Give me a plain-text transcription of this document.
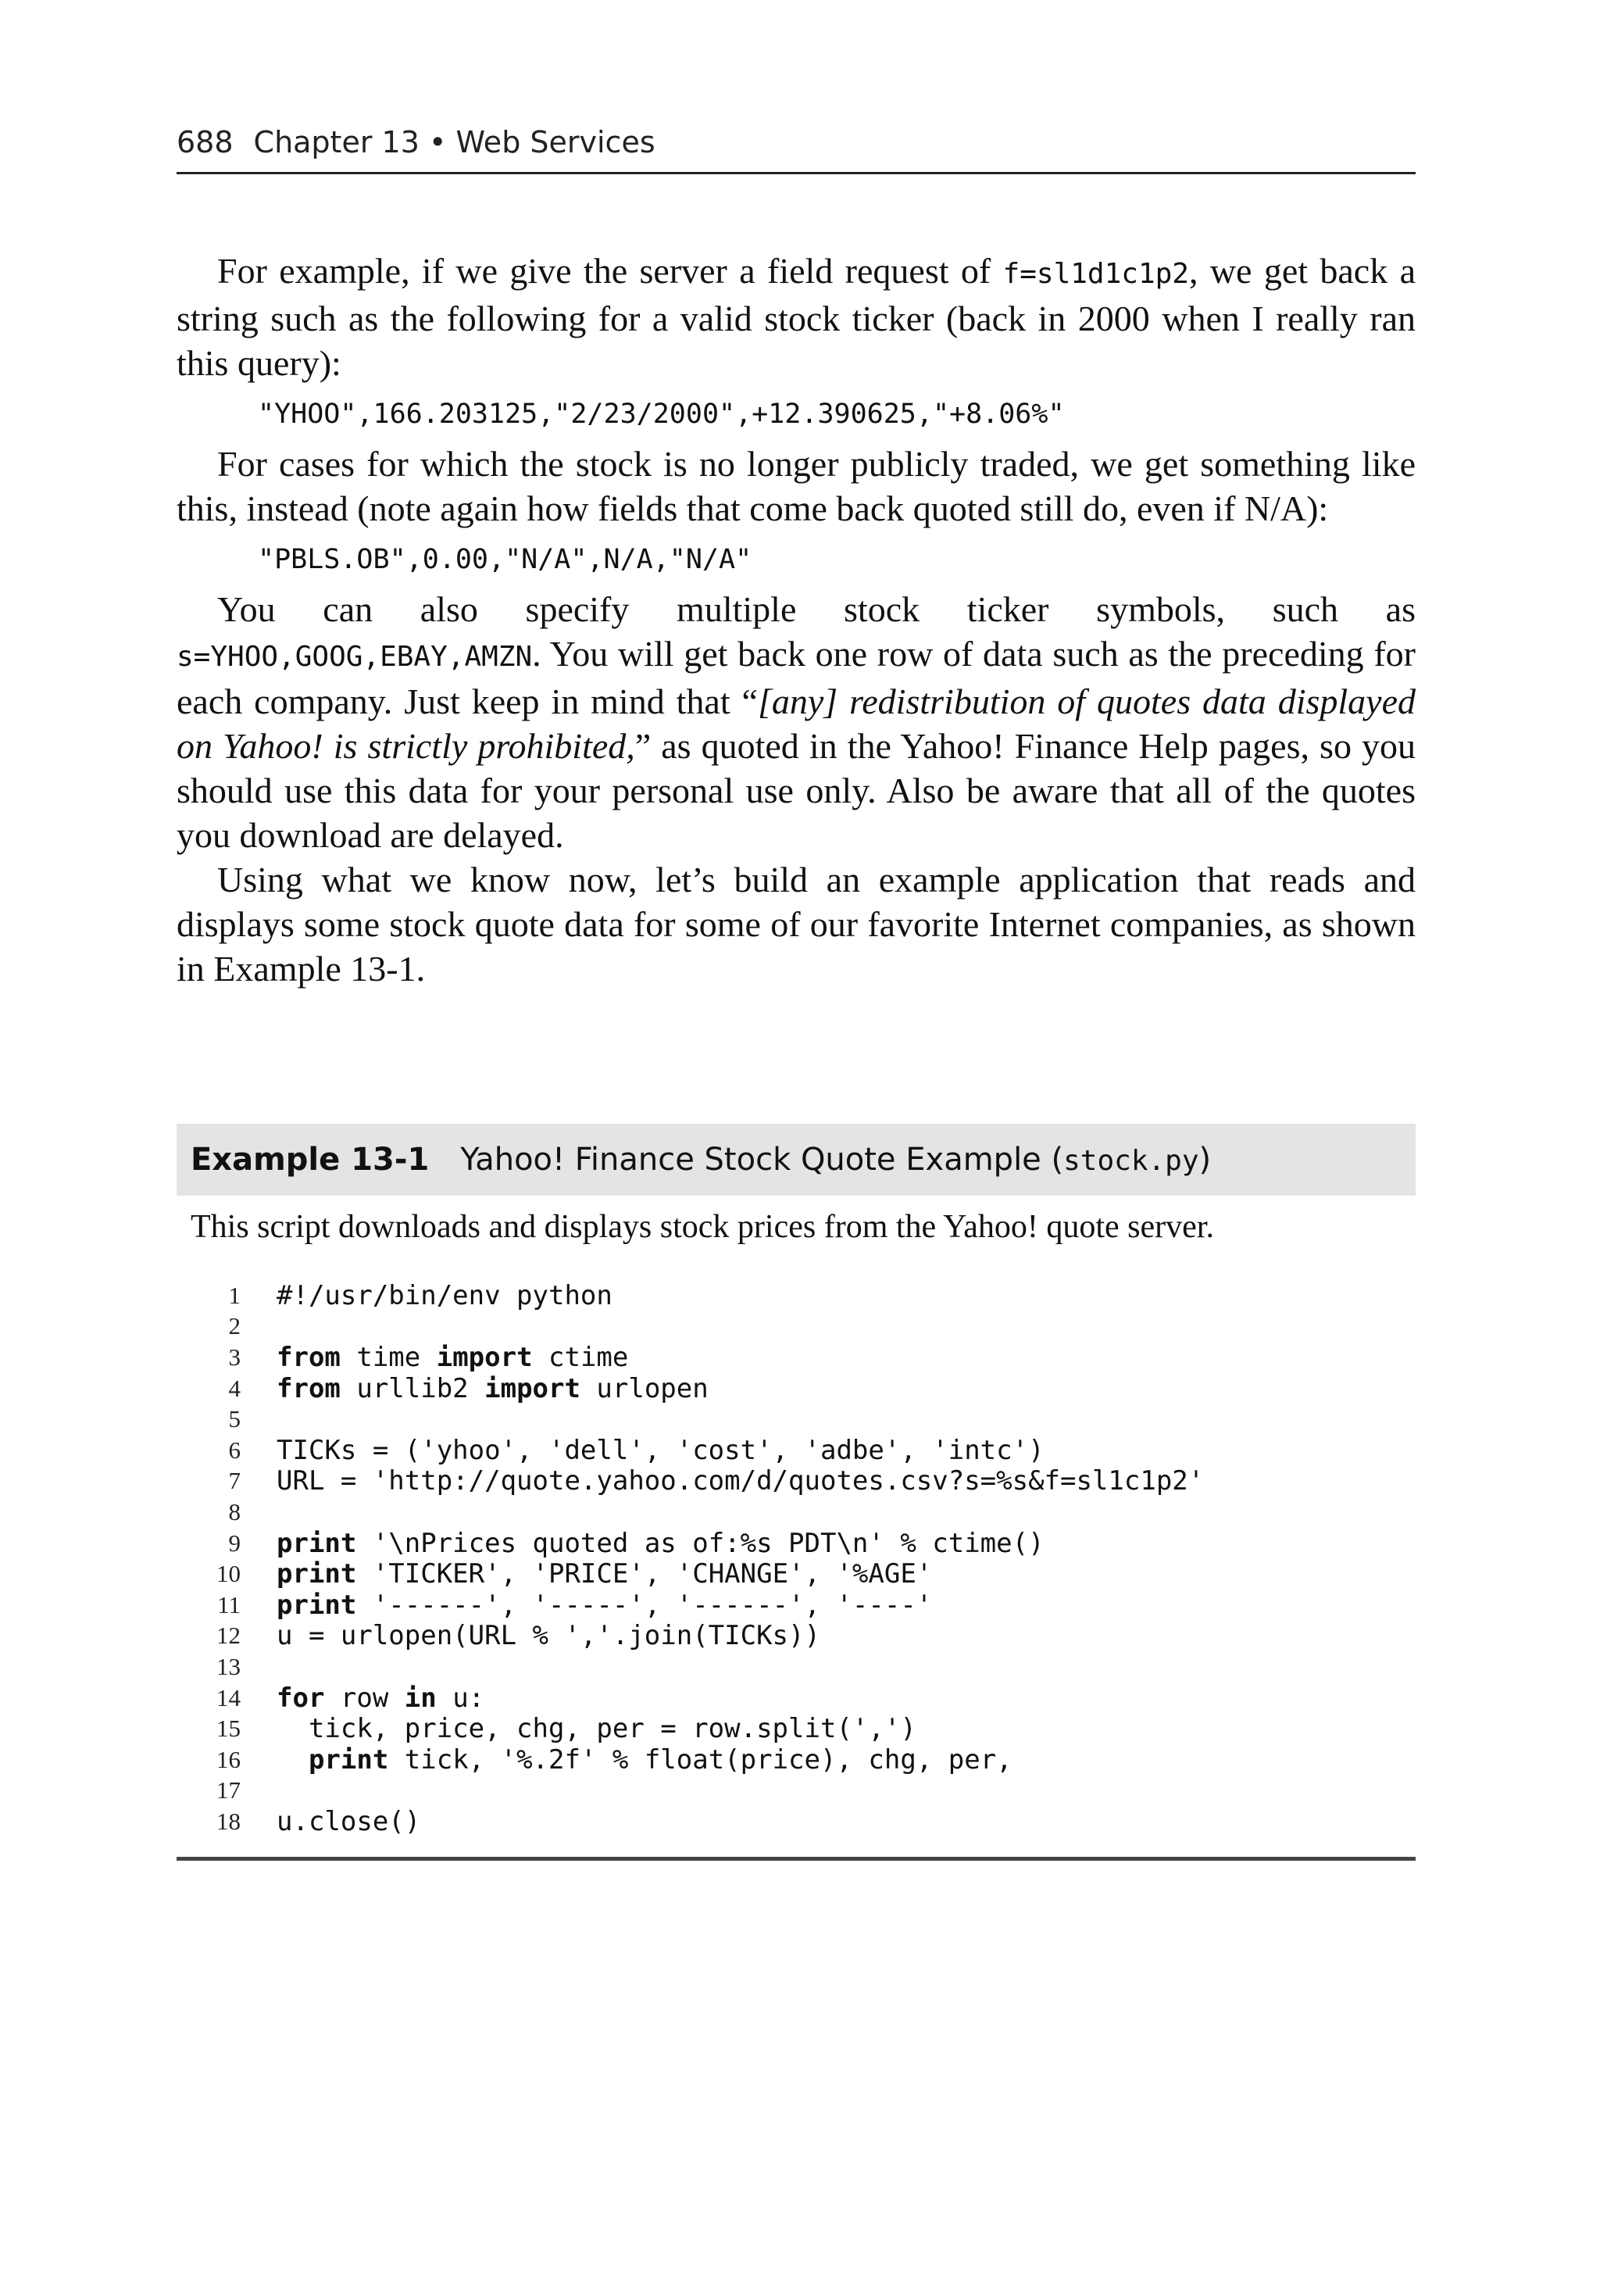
688 Chapter 13 • Web Services

For example, if we give the server a field request of f=sl1d1c1p2, we get back a string such as the following for a valid stock ticker (back in 2000 when I really ran this query):

"YHOO",166.203125,"2/23/2000",+12.390625,"+8.06%"

For cases for which the stock is no longer publicly traded, we get something like this, instead (note again how fields that come back quoted still do, even if N/A):

"PBLS.OB",0.00,"N/A",N/A,"N/A"

You can also specify multiple stock ticker symbols, such as s=YHOO,GOOG,EBAY,AMZN. You will get back one row of data such as the preceding for each company. Just keep in mind that “[any] redistribution of quotes data displayed on Yahoo! is strictly prohibited,” as quoted in the Yahoo! Finance Help pages, so you should use this data for your personal use only. Also be aware that all of the quotes you download are delayed.

Using what we know now, let’s build an example application that reads and displays some stock quote data for some of our favorite Internet companies, as shown in Example 13-1.

Example 13-1 Yahoo! Finance Stock Quote Example (stock.py)
This script downloads and displays stock prices from the Yahoo! quote server.
1 #!/usr/bin/env python
2
3 from time import ctime
4 from urllib2 import urlopen
5
6 TICKs = ('yhoo', 'dell', 'cost', 'adbe', 'intc')
7 URL = 'http://quote.yahoo.com/d/quotes.csv?s=%s&f=sl1c1p2'
8
9 print '\nPrices quoted as of:%s PDT\n' % ctime()
10 print 'TICKER', 'PRICE', 'CHANGE', '%AGE'
11 print '------', '-----', '------', '----'
12 u = urlopen(URL % ','.join(TICKs))
13
14 for row in u:
15 tick, price, chg, per = row.split(',')
16	print tick, '%.2f' % float(price), chg, per,
17
18 u.close()
